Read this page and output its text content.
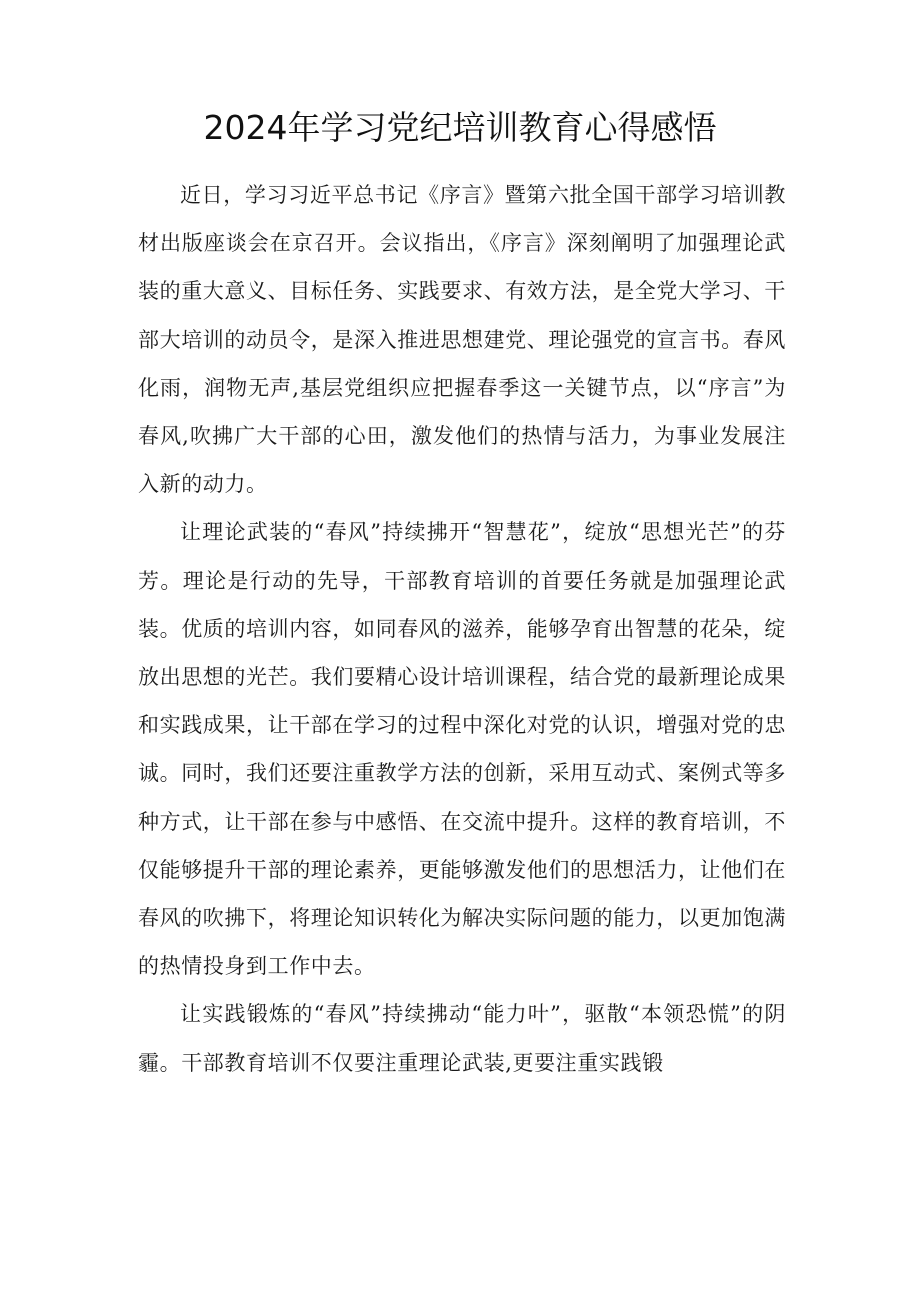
2024年学习党纪培训教育心得感悟

近日，学习习近平总书记《序言》暨第六批全国干部学习培训教材出版座谈会在京召开。会议指出，《序言》深刻阐明了加强理论武装的重大意义、目标任务、实践要求、有效方法，是全党大学习、干部大培训的动员令，是深入推进思想建党、理论强党的宣言书。春风化雨，润物无声,基层党组织应把握春季这一关键节点，以“序言”为春风,吹拂广大干部的心田，激发他们的热情与活力，为事业发展注入新的动力。

让理论武装的“春风”持续拂开“智慧花”，绽放“思想光芒”的芬芳。理论是行动的先导，干部教育培训的首要任务就是加强理论武装。优质的培训内容，如同春风的滋养，能够孕育出智慧的花朵，绽放出思想的光芒。我们要精心设计培训课程，结合党的最新理论成果和实践成果，让干部在学习的过程中深化对党的认识，增强对党的忠诚。同时，我们还要注重教学方法的创新，采用互动式、案例式等多种方式，让干部在参与中感悟、在交流中提升。这样的教育培训，不仅能够提升干部的理论素养，更能够激发他们的思想活力，让他们在春风的吹拂下，将理论知识转化为解决实际问题的能力，以更加饱满的热情投身到工作中去。

让实践锻炼的“春风”持续拂动“能力叶”，驱散“本领恐慌”的阴霾。干部教育培训不仅要注重理论武装,更要注重实践锻
